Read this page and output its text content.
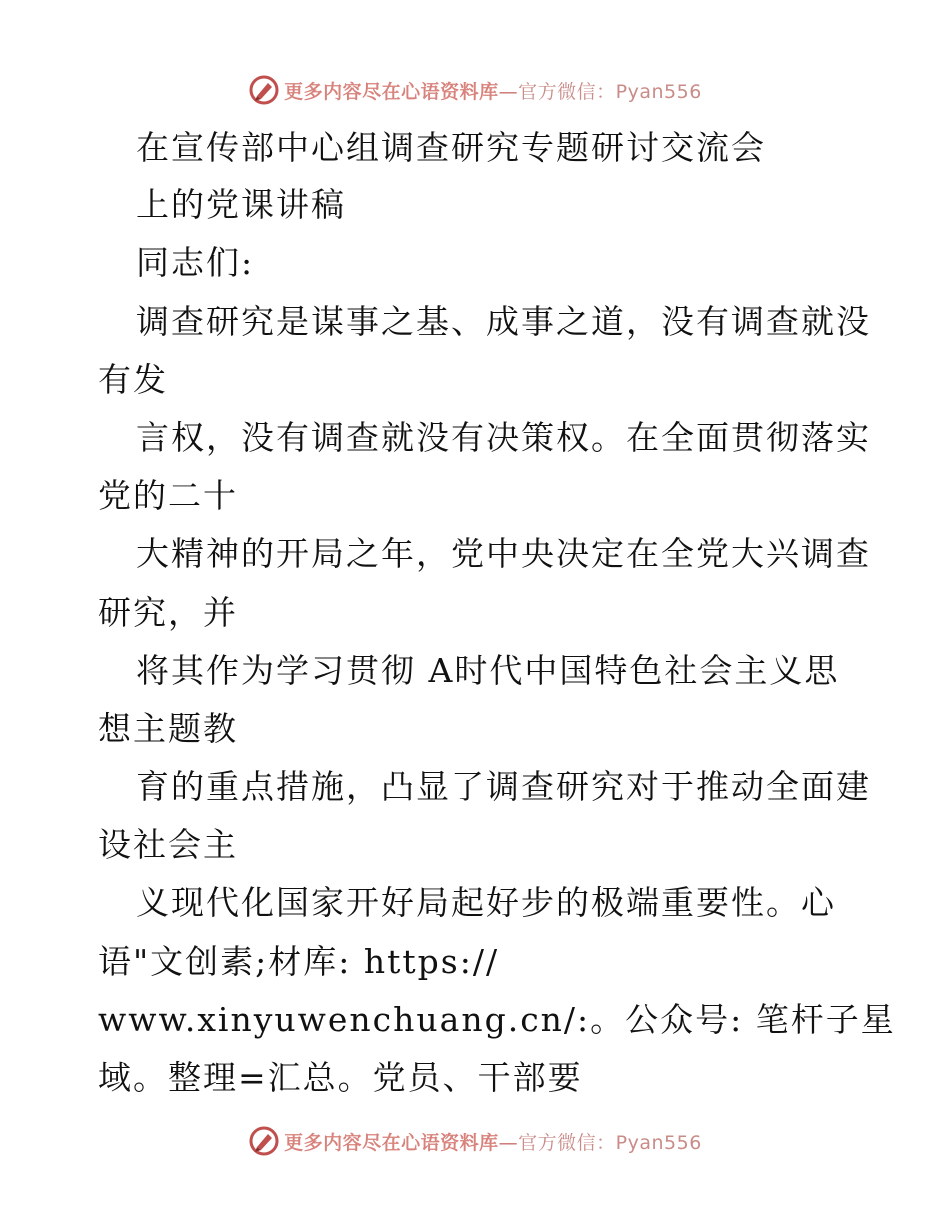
更多内容尽在心语资料库—官方微信：Pyan556
在宣传部中心组调查研究专题研讨交流会
上的党课讲稿
同志们:
调查研究是谋事之基、成事之道，没有调查就没
有发
言权，没有调查就没有决策权。在全面贯彻落实
党的二十
大精神的开局之年，党中央决定在全党大兴调查
研究，并
将其作为学习贯彻 A时代中国特色社会主义思
想主题教
育的重点措施，凸显了调查研究对于推动全面建
设社会主
义现代化国家开好局起好步的极端重要性。心
语"文创素;材库: https://
www.xinyuwenchuang.cn/:。公众号: 笔杆子星
域。整理=汇总。党员、干部要
更多内容尽在心语资料库—官方微信：Pyan556
